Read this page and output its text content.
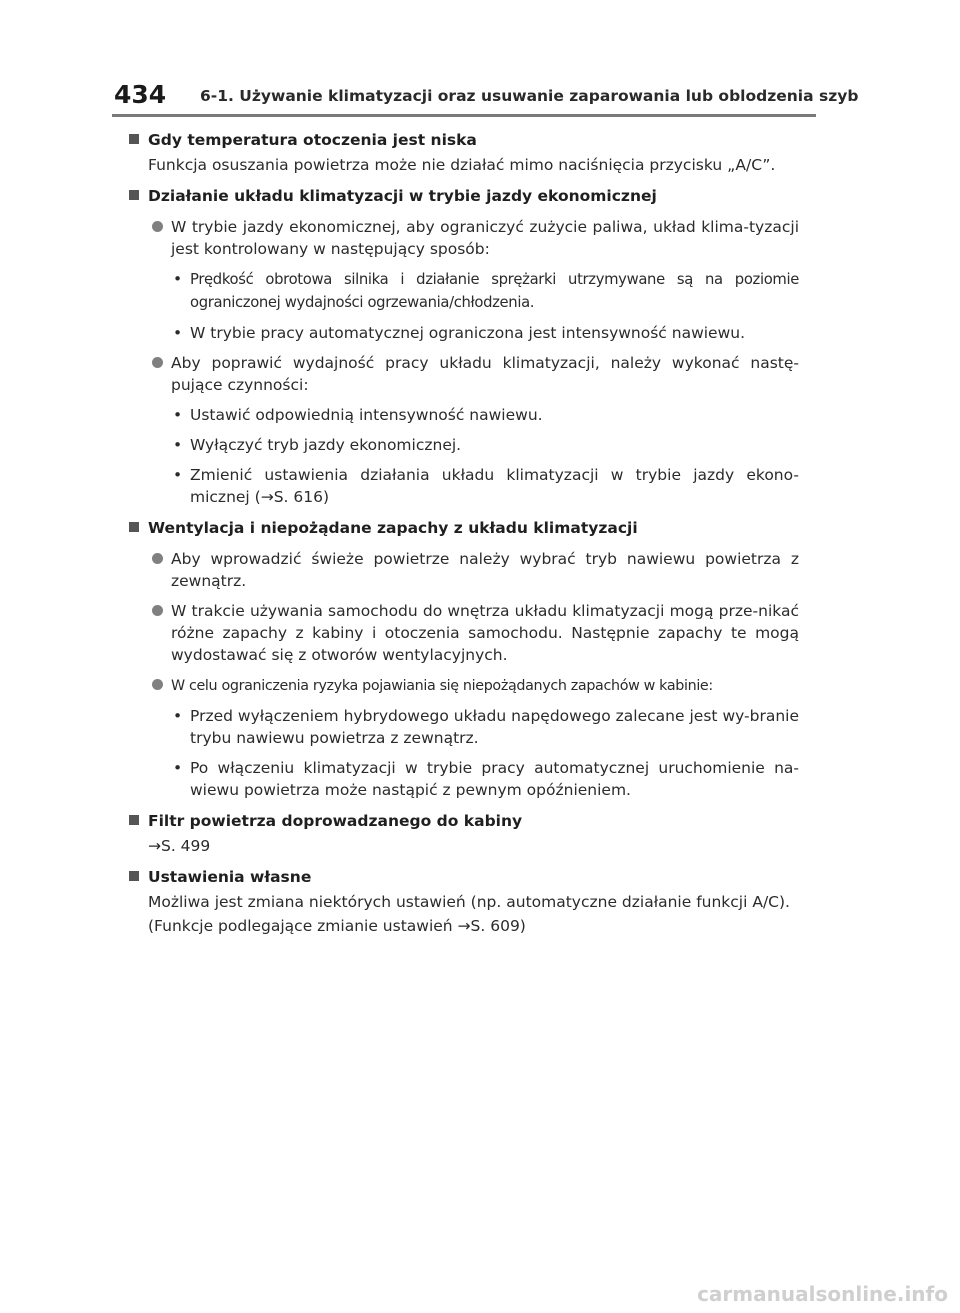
434 6-1. Używanie klimatyzacji oraz usuwanie zaparowania lub oblodzenia szyb
Gdy temperatura otoczenia jest niska
Funkcja osuszania powietrza może nie działać mimo naciśnięcia przycisku „A/C”.
Działanie układu klimatyzacji w trybie jazdy ekonomicznej
W trybie jazdy ekonomicznej, aby ograniczyć zużycie paliwa, układ klima-tyzacji jest kontrolowany w następujący sposób:
• Prędkość obrotowa silnika i działanie sprężarki utrzymywane są na poziomie ograniczonej wydajności ogrzewania/chłodzenia.
• W trybie pracy automatycznej ograniczona jest intensywność nawiewu.
Aby poprawić wydajność pracy układu klimatyzacji, należy wykonać nastę-pujące czynności:
• Ustawić odpowiednią intensywność nawiewu.
• Wyłączyć tryb jazdy ekonomicznej.
• Zmienić ustawienia działania układu klimatyzacji w trybie jazdy ekono-micznej (→S. 616)
Wentylacja i niepożądane zapachy z układu klimatyzacji
Aby wprowadzić świeże powietrze należy wybrać tryb nawiewu powietrza z zewnątrz.
W trakcie używania samochodu do wnętrza układu klimatyzacji mogą prze-nikać różne zapachy z kabiny i otoczenia samochodu. Następnie zapachy te mogą wydostawać się z otworów wentylacyjnych.
W celu ograniczenia ryzyka pojawiania się niepożądanych zapachów w kabinie:
• Przed wyłączeniem hybrydowego układu napędowego zalecane jest wy-branie trybu nawiewu powietrza z zewnątrz.
• Po włączeniu klimatyzacji w trybie pracy automatycznej uruchomienie na-wiewu powietrza może nastąpić z pewnym opóźnieniem.
Filtr powietrza doprowadzanego do kabiny
→S. 499
Ustawienia własne
Możliwa jest zmiana niektórych ustawień (np. automatyczne działanie funkcji A/C).
(Funkcje podlegające zmianie ustawień →S. 609)
carmanualsonline.info
